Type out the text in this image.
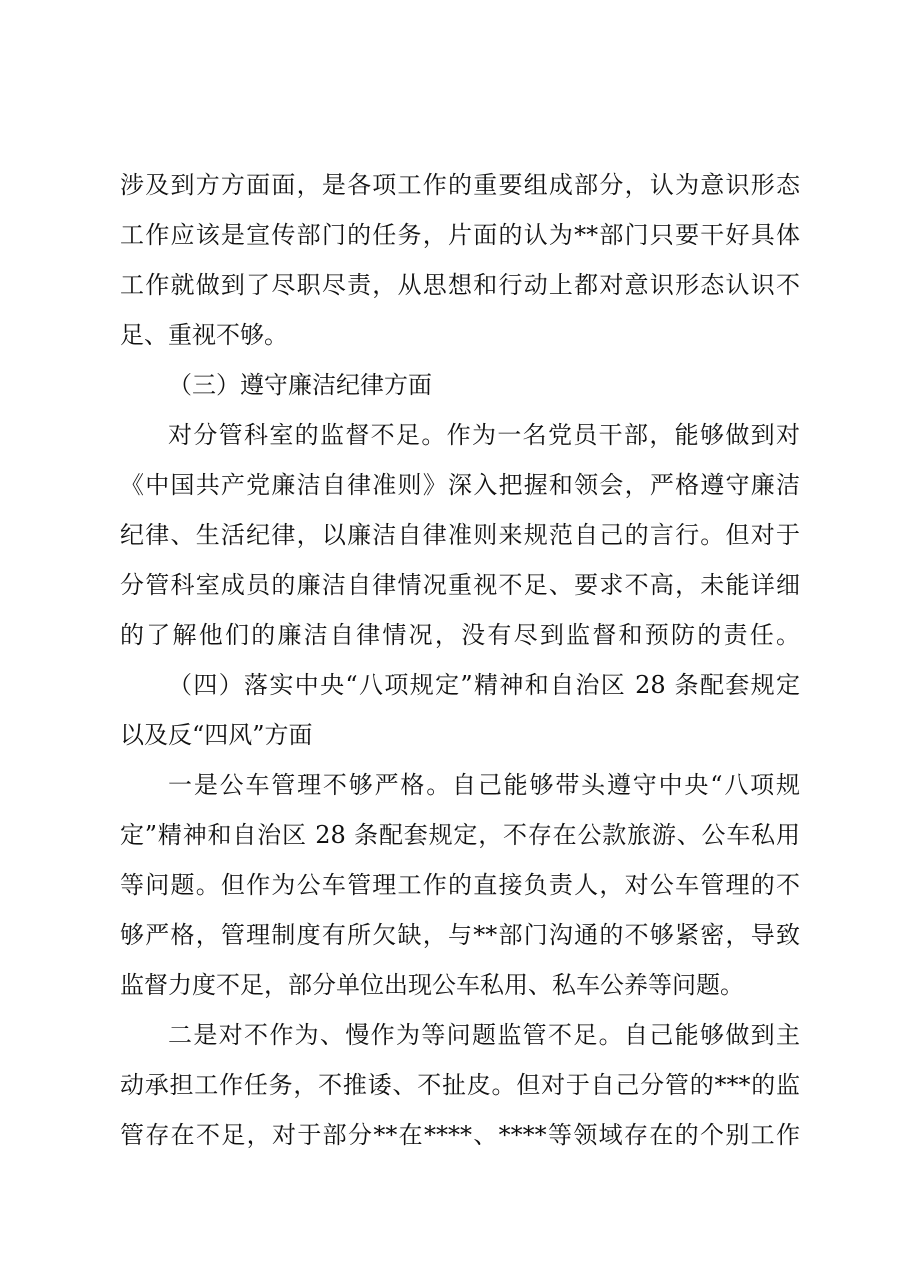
涉及到方方面面，是各项工作的重要组成部分，认为意识形态
工作应该是宣传部门的任务，片面的认为**部门只要干好具体
工作就做到了尽职尽责，从思想和行动上都对意识形态认识不
足、重视不够。
（三）遵守廉洁纪律方面
对分管科室的监督不足。作为一名党员干部，能够做到对
《中国共产党廉洁自律准则》深入把握和领会，严格遵守廉洁
纪律、生活纪律，以廉洁自律准则来规范自己的言行。但对于
分管科室成员的廉洁自律情况重视不足、要求不高，未能详细
的了解他们的廉洁自律情况，没有尽到监督和预防的责任。
（四）落实中央“八项规定”精神和自治区 28 条配套规定
以及反“四风”方面
一是公车管理不够严格。自己能够带头遵守中央“八项规
定”精神和自治区 28 条配套规定，不存在公款旅游、公车私用
等问题。但作为公车管理工作的直接负责人，对公车管理的不
够严格，管理制度有所欠缺，与**部门沟通的不够紧密，导致
监督力度不足，部分单位出现公车私用、私车公养等问题。
二是对不作为、慢作为等问题监管不足。自己能够做到主
动承担工作任务，不推诿、不扯皮。但对于自己分管的***的监
管存在不足，对于部分**在****、****等领域存在的个别工作
